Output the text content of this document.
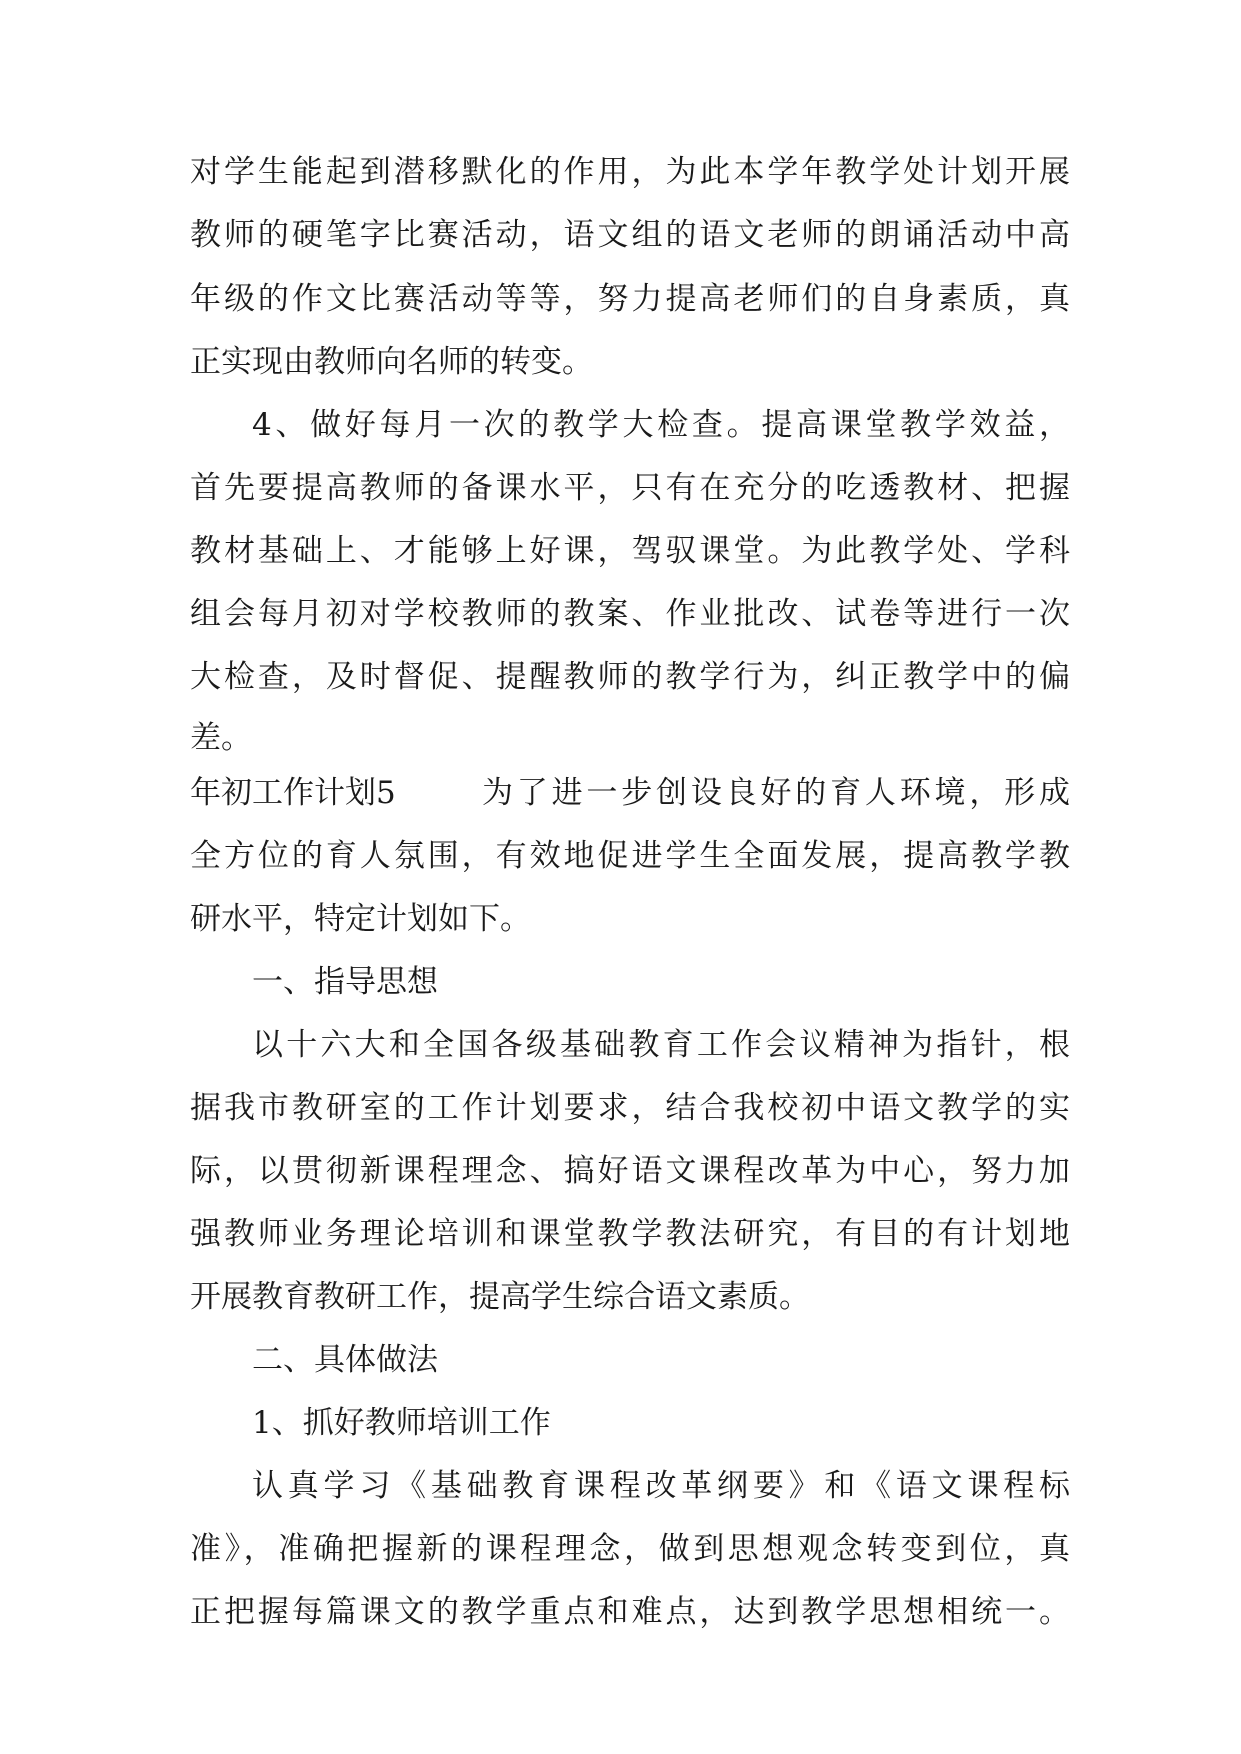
对学生能起到潜移默化的作用，为此本学年教学处计划开展
教师的硬笔字比赛活动，语文组的语文老师的朗诵活动中高
年级的作文比赛活动等等，努力提高老师们的自身素质，真
正实现由教师向名师的转变。
4、做好每月一次的教学大检查。提高课堂教学效益，
首先要提高教师的备课水平，只有在充分的吃透教材、把握
教材基础上、才能够上好课，驾驭课堂。为此教学处、学科
组会每月初对学校教师的教案、作业批改、试卷等进行一次
大检查，及时督促、提醒教师的教学行为，纠正教学中的偏
差。
年初工作计划5	为了进一步创设良好的育人环境，形成
全方位的育人氛围，有效地促进学生全面发展，提高教学教
研水平，特定计划如下。
一、指导思想
以十六大和全国各级基础教育工作会议精神为指针，根
据我市教研室的工作计划要求，结合我校初中语文教学的实
际，以贯彻新课程理念、搞好语文课程改革为中心，努力加
强教师业务理论培训和课堂教学教法研究，有目的有计划地
开展教育教研工作，提高学生综合语文素质。
二、具体做法
1、抓好教师培训工作
认真学习《基础教育课程改革纲要》和《语文课程标
准》，准确把握新的课程理念，做到思想观念转变到位，真
正把握每篇课文的教学重点和难点，达到教学思想相统一。
